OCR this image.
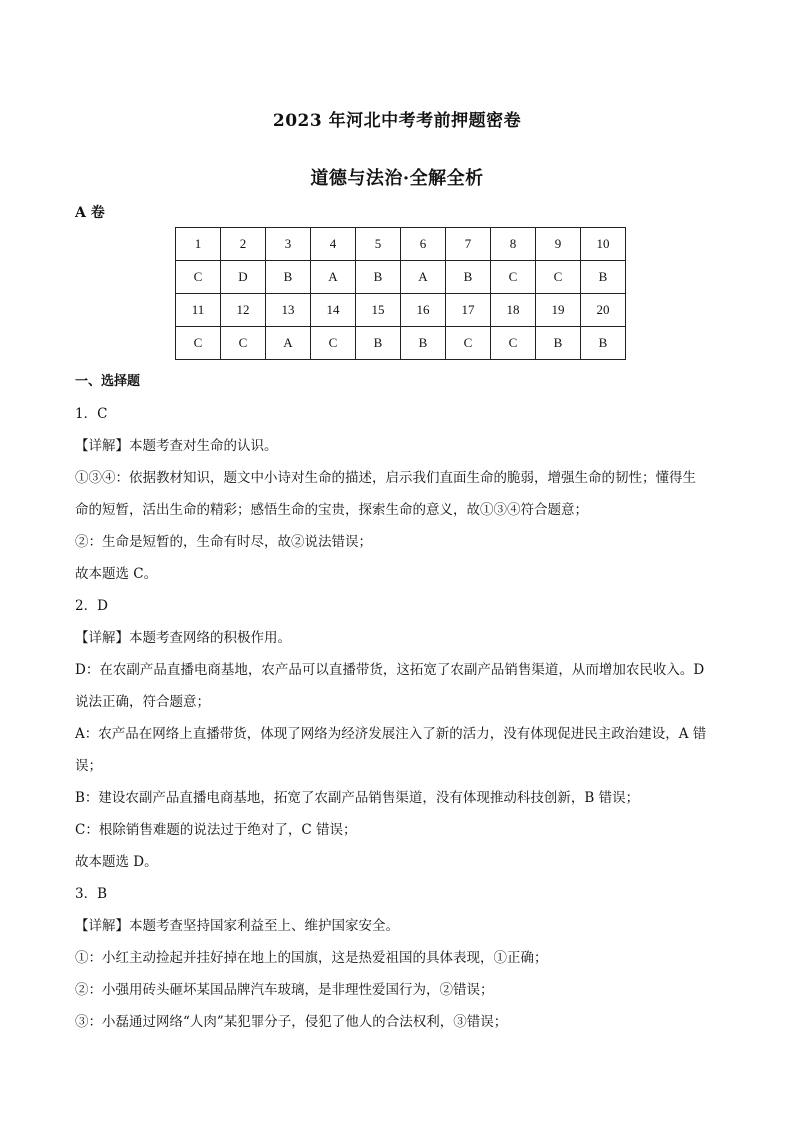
2023 年河北中考考前押题密卷
道德与法治·全解全析
A 卷
1	2	3	4	5	6	7	8	9	10
C	D	B	A	B	A	B	C	C	B
11	12	13	14	15	16	17	18	19	20
C	C	A	C	B	B	C	C	B	B
一、选择题
1．C
【详解】本题考查对生命的认识。
①③④：依据教材知识，题文中小诗对生命的描述，启示我们直面生命的脆弱，增强生命的韧性；懂得生
命的短暂，活出生命的精彩；感悟生命的宝贵，探索生命的意义，故①③④符合题意；
②：生命是短暂的，生命有时尽，故②说法错误；
故本题选 C。
2．D
【详解】本题考查网络的积极作用。
D：在农副产品直播电商基地，农产品可以直播带货，这拓宽了农副产品销售渠道，从而增加农民收入。D
说法正确，符合题意；
A：农产品在网络上直播带货，体现了网络为经济发展注入了新的活力，没有体现促进民主政治建设，A 错
误；
B：建设农副产品直播电商基地，拓宽了农副产品销售渠道，没有体现推动科技创新，B 错误；
C：根除销售难题的说法过于绝对了，C 错误；
故本题选 D。
3．B
【详解】本题考查坚持国家利益至上、维护国家安全。
①：小红主动捡起并挂好掉在地上的国旗，这是热爱祖国的具体表现，①正确；
②：小强用砖头砸坏某国品牌汽车玻璃，是非理性爱国行为，②错误；
③：小磊通过网络“人肉”某犯罪分子，侵犯了他人的合法权利，③错误；
